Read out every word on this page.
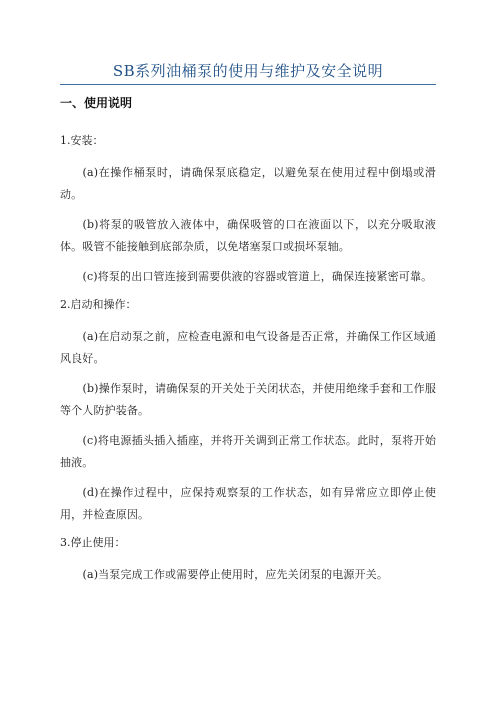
SB系列油桶泵的使用与维护及安全说明
一、使用说明
1.安装：

(a)在操作桶泵时，请确保泵底稳定，以避免泵在使用过程中倒塌或滑动。

(b)将泵的吸管放入液体中，确保吸管的口在液面以下，以充分吸取液体。吸管不能接触到底部杂质，以免堵塞泵口或损坏泵轴。

(c)将泵的出口管连接到需要供液的容器或管道上，确保连接紧密可靠。

2.启动和操作：

(a)在启动泵之前，应检查电源和电气设备是否正常，并确保工作区域通风良好。

(b)操作泵时，请确保泵的开关处于关闭状态，并使用绝缘手套和工作服等个人防护装备。

(c)将电源插头插入插座，并将开关调到正常工作状态。此时，泵将开始抽液。

(d)在操作过程中，应保持观察泵的工作状态，如有异常应立即停止使用，并检查原因。

3.停止使用：

(a)当泵完成工作或需要停止使用时，应先关闭泵的电源开关。
